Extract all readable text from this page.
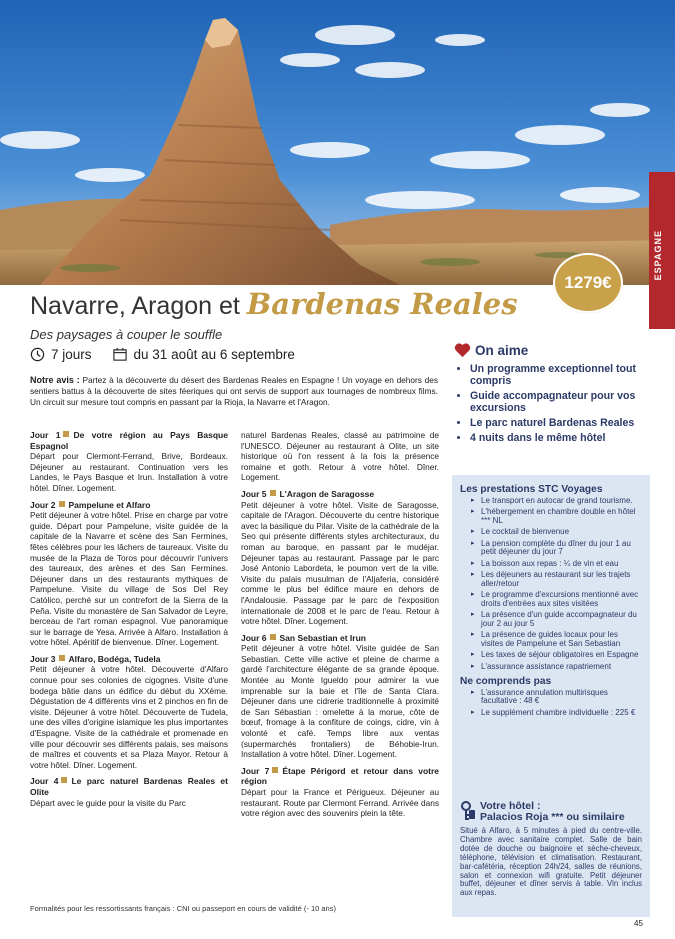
ESPAGNE
1279€
Navarre, Aragon et Bardenas Reales
Des paysages à couper le souffle
7 jours	du 31 août au 6 septembre
Notre avis : Partez à la découverte du désert des Bardenas Reales en Espagne ! Un voyage en dehors des sentiers battus à la découverte de sites féeriques qui ont servis de support aux tournages de nombreux films. Un circuit sur mesure tout compris en passant par la Rioja, la Navarre et l'Aragon.
Jour 1 De votre région au Pays Basque Espagnol
Départ pour Clermont-Ferrand, Brive, Bordeaux. Déjeuner au restaurant. Continuation vers les Landes, le Pays Basque et Irun. Installation à votre hôtel. Dîner. Logement.
Jour 2 Pampelune et Alfaro
Petit déjeuner à votre hôtel. Prise en charge par votre guide. Départ pour Pampelune, visite guidée de la capitale de la Navarre et scène des San Fermines, fêtes célèbres pour les lâchers de taureaux. Visite du musée de la Plaza de Toros pour découvrir l'univers des taureaux, des arènes et des San Fermines. Déjeuner dans un des restaurants mythiques de Pampelune. Visite du village de Sos Del Rey Católico, perché sur un contrefort de la Sierra de la Peña. Visite du monastère de San Salvador de Leyre, berceau de l'art roman espagnol. Vue panoramique sur le barrage de Yesa. Arrivée à Alfaro. Installation à votre hôtel. Apéritif de bienvenue. Dîner. Logement.
Jour 3 Alfaro, Bodéga, Tudela
Petit déjeuner à votre hôtel. Découverte d'Alfaro connue pour ses colonies de cigognes. Visite d'une bodega bâtie dans un édifice du début du XXème. Dégustation de 4 différents vins et 2 pinchos en fin de visite. Déjeuner à votre hôtel. Découverte de Tudela, une des villes d'origine islamique les plus importantes d'Espagne. Visite de la cathédrale et promenade en ville pour découvrir ses différents palais, ses maisons de maîtres et couvents et sa Plaza Mayor. Retour à votre hôtel. Dîner. Logement.
Jour 4 Le parc naturel Bardenas Reales et Olite
Départ avec le guide pour la visite du Parc
naturel Bardenas Reales, classé au patrimoine de l'UNESCO. Déjeuner au restaurant à Olite, un site historique où l'on ressent à la fois la présence romaine et goth. Retour à votre hôtel. Dîner. Logement.
Jour 5 L'Aragon de Saragosse
Petit déjeuner à votre hôtel. Visite de Saragosse, capitale de l'Aragon. Découverte du centre historique avec la basilique du Pilar. Visite de la cathédrale de la Seo qui présente différents styles architecturaux, du roman au baroque, en passant par le mudéjar. Déjeuner tapas au restaurant. Passage par le parc José Antonio Labordeta, le poumon vert de la ville. Visite du palais musulman de l'Aljaferia, considéré comme le plus bel édifice maure en dehors de l'Andalousie. Passage par le parc de l'exposition internationale de 2008 et le parc de l'eau. Retour à votre hôtel. Dîner. Logement.
Jour 6 San Sebastian et Irun
Petit déjeuner à votre hôtel. Visite guidée de San Sebastian. Cette ville active et pleine de charme a gardé l'architecture élégante de sa grande époque. Montée au Monte Igueldo pour admirer la vue imprenable sur la baie et l'île de Santa Clara. Déjeuner dans une cidrerie traditionnelle à proximité de San Sébastian : omelette à la morue, côte de bœuf, fromage à la confiture de coings, cidre, vin à volonté et café. Temps libre aux ventas (supermarchés frontaliers) de Béhobie-Irun. Installation à votre hôtel. Dîner. Logement.
Jour 7 Étape Périgord et retour dans votre région
Départ pour la France et Périgueux. Déjeuner au restaurant. Route par Clermont Ferrand. Arrivée dans votre région avec des souvenirs plein la tête.
On aime
• Un programme exceptionnel tout compris
• Guide accompagnateur pour vos excursions
• Le parc naturel Bardenas Reales
• 4 nuits dans le même hôtel
Les prestations STC Voyages
▸ Le transport en autocar de grand tourisme.
▸ L'hébergement en chambre double en hôtel *** NL
▸ Le cocktail de bienvenue
▸ La pension complète du dîner du jour 1 au petit déjeuner du jour 7
▸ La boisson aux repas : ¼ de vin et eau
▸ Les déjeuners au restaurant sur les trajets aller/retour
▸ Le programme d'excursions mentionné avec droits d'entrées aux sites visitées
▸ La présence d'un guide accompagnateur du jour 2 au jour 5
▸ La présence de guides locaux pour les visites de Pampelune et San Sebastian
▸ Les taxes de séjour obligatoires en Espagne
▸ L'assurance assistance rapatriement
Ne comprends pas
▸ L'assurance annulation multirisques facultative : 48 €
▸ Le supplément chambre individuelle : 225 €
Votre hôtel :
Palacios Roja *** ou similaire

Situé à Alfaro, à 5 minutes à pied du centre-ville. Chambre avec sanitaire complet. Salle de bain dotée de douche ou baignoire et sèche-cheveux, téléphone, télévision et climatisation. Restaurant, bar-cafétéria, réception 24h/24, salles de réunions, salon et connexion wifi gratuite. Petit déjeuner buffet, déjeuner et dîner servis à table. Vin inclus aux repas.

Formalités pour les ressortissants français : CNI ou passeport en cours de validité (- 10 ans)
45
